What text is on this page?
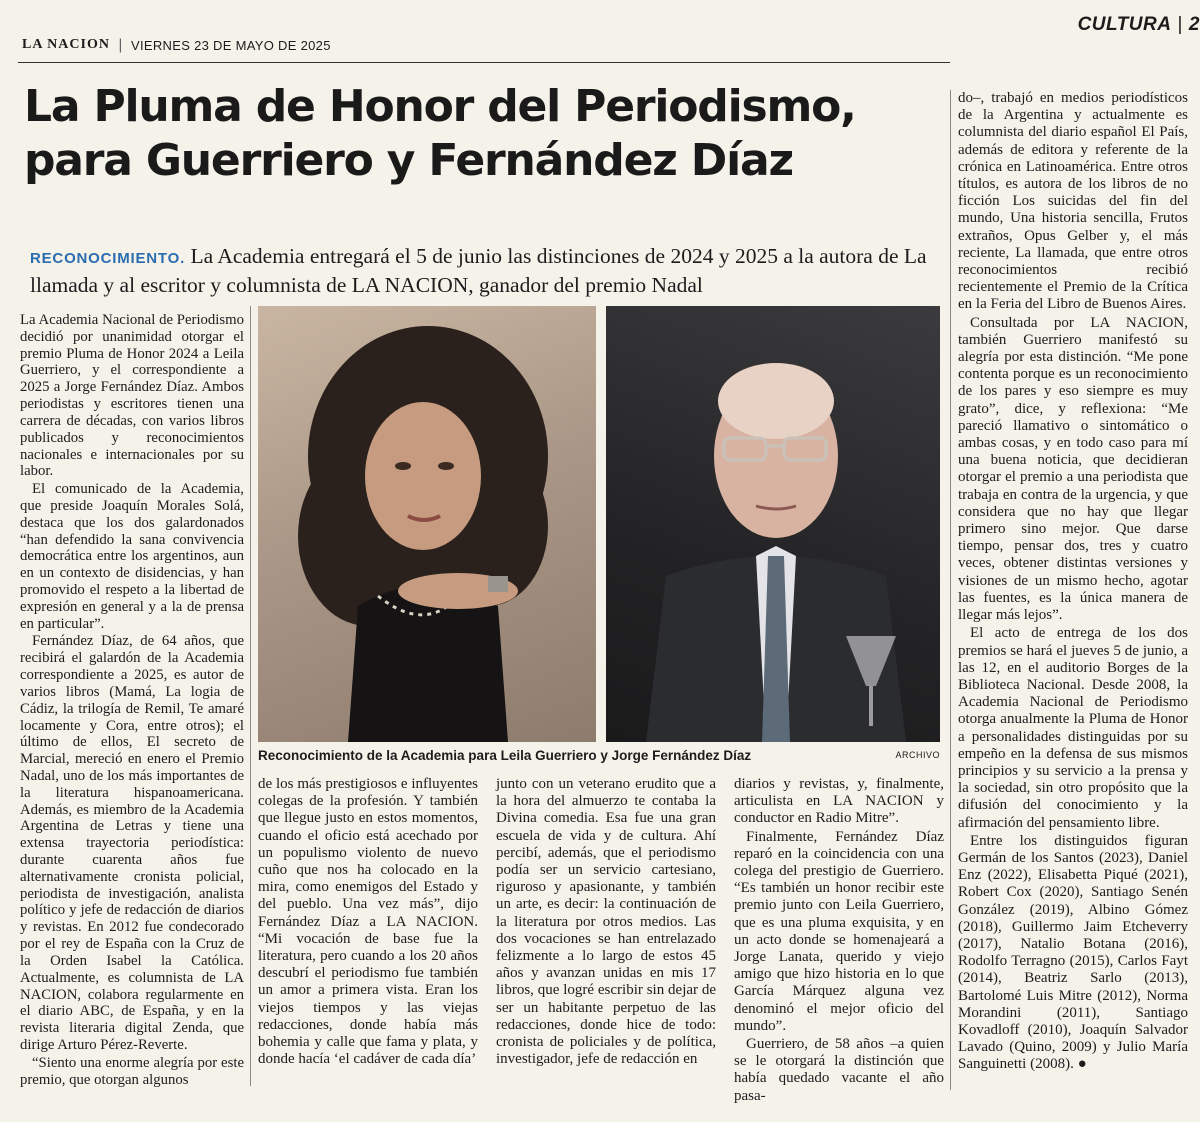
LA NACION | VIERNES 23 DE MAYO DE 2025
CULTURA | 2
La Pluma de Honor del Periodismo, para Guerriero y Fernández Díaz
RECONOCIMIENTO. La Academia entregará el 5 de junio las distinciones de 2024 y 2025 a la autora de La llamada y al escritor y columnista de LA NACION, ganador del premio Nadal
Reconocimiento de la Academia para Leila Guerriero y Jorge Fernández Díaz	ARCHIVO

La Academia Nacional de Periodismo decidió por unanimidad otorgar el premio Pluma de Honor 2024 a Leila Guerriero, y el correspondiente a 2025 a Jorge Fernández Díaz. Ambos periodistas y escritores tienen una carrera de décadas, con varios libros publicados y reconocimientos nacionales e internacionales por su labor.

El comunicado de la Academia, que preside Joaquín Morales Solá, destaca que los dos galardonados “han defendido la sana convivencia democrática entre los argentinos, aun en un contexto de disidencias, y han promovido el respeto a la libertad de expresión en general y a la de prensa en particular”.

Fernández Díaz, de 64 años, que recibirá el galardón de la Academia correspondiente a 2025, es autor de varios libros (Mamá, La logia de Cádiz, la trilogía de Remil, Te amaré locamente y Cora, entre otros); el último de ellos, El secreto de Marcial, mereció en enero el Premio Nadal, uno de los más importantes de la literatura hispanoamericana. Además, es miembro de la Academia Argentina de Letras y tiene una extensa trayectoria periodística: durante cuarenta años fue alternativamente cronista policial, periodista de investigación, analista político y jefe de redacción de diarios y revistas. En 2012 fue condecorado por el rey de España con la Cruz de la Orden Isabel la Católica. Actualmente, es columnista de LA NACION, colabora regularmente en el diario ABC, de España, y en la revista literaria digital Zenda, que dirige Arturo Pérez-Reverte.

“Siento una enorme alegría por este premio, que otorgan algunos

de los más prestigiosos e influyentes colegas de la profesión. Y también que llegue justo en estos momentos, cuando el oficio está acechado por un populismo violento de nuevo cuño que nos ha colocado en la mira, como enemigos del Estado y del pueblo. Una vez más”, dijo Fernández Díaz a LA NACION. “Mi vocación de base fue la literatura, pero cuando a los 20 años descubrí el periodismo fue también un amor a primera vista. Eran los viejos tiempos y las viejas redacciones, donde había más bohemia y calle que fama y plata, y donde hacía ‘el cadáver de cada día’

junto con un veterano erudito que a la hora del almuerzo te contaba la Divina comedia. Esa fue una gran escuela de vida y de cultura. Ahí percibí, además, que el periodismo podía ser un servicio cartesiano, riguroso y apasionante, y también un arte, es decir: la continuación de la literatura por otros medios. Las dos vocaciones se han entrelazado felizmente a lo largo de estos 45 años y avanzan unidas en mis 17 libros, que logré escribir sin dejar de ser un habitante perpetuo de las redacciones, donde hice de todo: cronista de policiales y de política, investigador, jefe de redacción en

diarios y revistas, y, finalmente, articulista en LA NACION y conductor en Radio Mitre”.

Finalmente, Fernández Díaz reparó en la coincidencia con una colega del prestigio de Guerriero. “Es también un honor recibir este premio junto con Leila Guerriero, que es una pluma exquisita, y en un acto donde se homenajeará a Jorge Lanata, querido y viejo amigo que hizo historia en lo que García Márquez alguna vez denominó el mejor oficio del mundo”.

Guerriero, de 58 años –a quien se le otorgará la distinción que había quedado vacante el año pasa-

do–, trabajó en medios periodísticos de la Argentina y actualmente es columnista del diario español El País, además de editora y referente de la crónica en Latinoamérica. Entre otros títulos, es autora de los libros de no ficción Los suicidas del fin del mundo, Una historia sencilla, Frutos extraños, Opus Gelber y, el más reciente, La llamada, que entre otros reconocimientos recibió recientemente el Premio de la Crítica en la Feria del Libro de Buenos Aires.

Consultada por LA NACION, también Guerriero manifestó su alegría por esta distinción. “Me pone contenta porque es un reconocimiento de los pares y eso siempre es muy grato”, dice, y reflexiona: “Me pareció llamativo o sintomático o ambas cosas, y en todo caso para mí una buena noticia, que decidieran otorgar el premio a una periodista que trabaja en contra de la urgencia, y que considera que no hay que llegar primero sino mejor. Que darse tiempo, pensar dos, tres y cuatro veces, obtener distintas versiones y visiones de un mismo hecho, agotar las fuentes, es la única manera de llegar más lejos”.

El acto de entrega de los dos premios se hará el jueves 5 de junio, a las 12, en el auditorio Borges de la Biblioteca Nacional. Desde 2008, la Academia Nacional de Periodismo otorga anualmente la Pluma de Honor a personalidades distinguidas por su empeño en la defensa de sus mismos principios y su servicio a la prensa y la sociedad, sin otro propósito que la difusión del conocimiento y la afirmación del pensamiento libre.

Entre los distinguidos figuran Germán de los Santos (2023), Daniel Enz (2022), Elisabetta Piqué (2021), Robert Cox (2020), Santiago Senén González (2019), Albino Gómez (2018), Guillermo Jaim Etcheverry (2017), Natalio Botana (2016), Rodolfo Terragno (2015), Carlos Fayt (2014), Beatriz Sarlo (2013), Bartolomé Luis Mitre (2012), Norma Morandini (2011), Santiago Kovadloff (2010), Joaquín Salvador Lavado (Quino, 2009) y Julio María Sanguinetti (2008). ●
